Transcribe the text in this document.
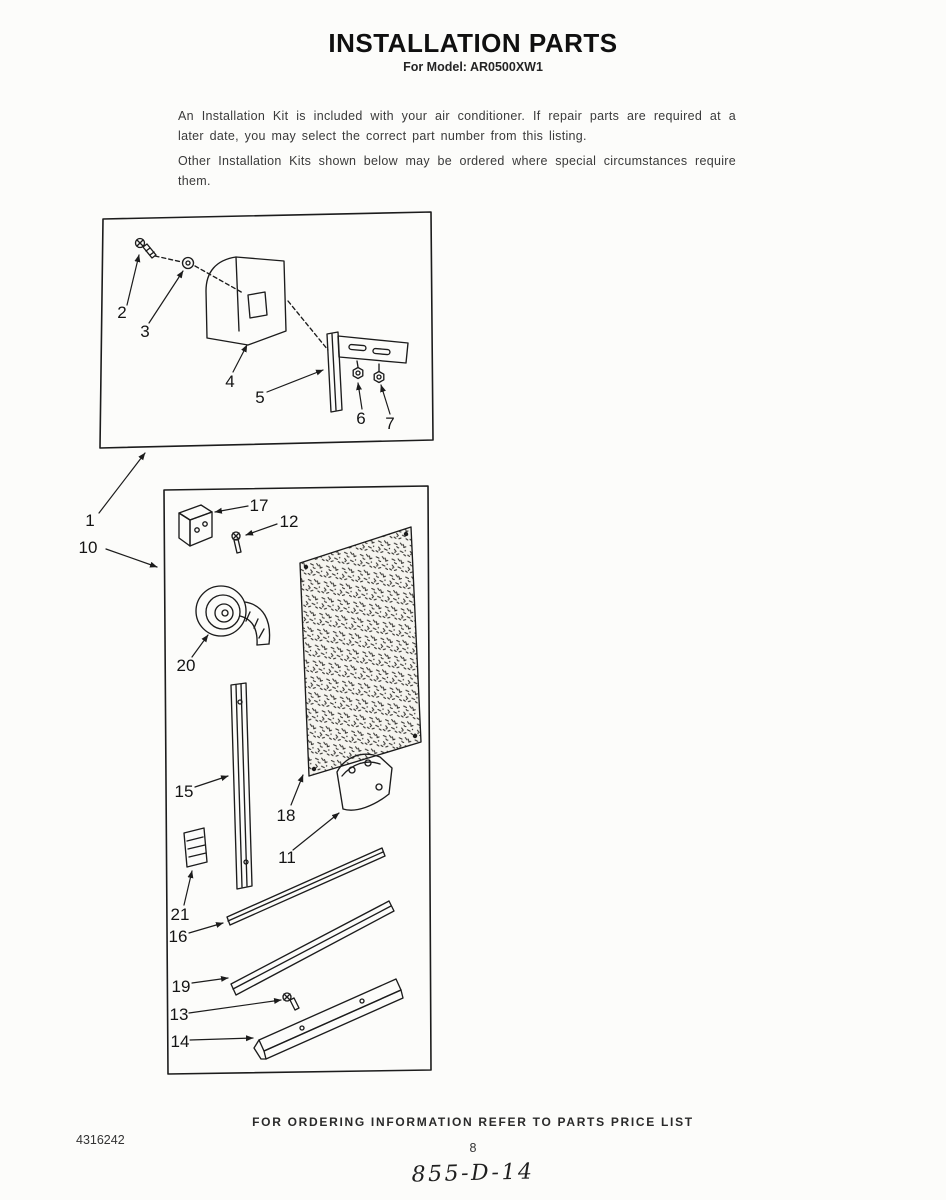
INSTALLATION PARTS
For Model: AR0500XW1

An Installation Kit is included with your air conditioner. If repair parts are required at a later date, you may select the correct part number from this listing.

Other Installation Kits shown below may be ordered where special circumstances require them.

1
10
2
3
4
5
6 7
17
12
20
18
15
11
21
16
19
13
14
FOR ORDERING INFORMATION REFER TO PARTS PRICE LIST
4316242
8
855-D-14
